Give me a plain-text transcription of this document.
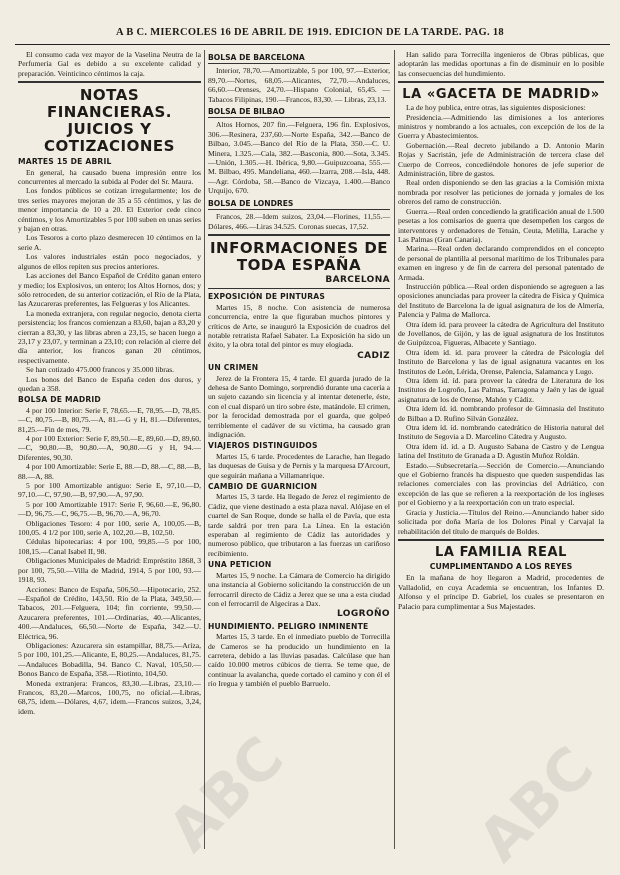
A B C. MIERCOLES 16 DE ABRIL DE 1919. EDICION DE LA TARDE. PAG. 18

El consumo cada vez mayor de la Vaselina Neutra de la Perfumería Gal es debido a su excelente calidad y preparación. Veinticinco céntimos la caja.

NOTAS FINANCIERAS. JUICIOS Y COTIZACIONES
MARTES 15 DE ABRIL

En general, ha causado buena impresión entre los concurrentes al mercado la subida al Poder del Sr. Maura.

Los fondos públicos se cotizan irregularmente; los de tres series mayores mejoran de 35 a 55 céntimos, y las de menor importancia de 10 a 20. El Exterior cede cinco céntimos, y los Amortizables 5 por 100 suben en unas series y bajan en otras.

Los Tesoros a corto plazo desmerecen 10 céntimos en la serie A.

Los valores industriales están poco negociados, y algunos de ellos repiten sus precios anteriores.

Las acciones del Banco Español de Crédito ganan entero y medio; los Explosivos, un entero; los Altos Hornos, dos; y sólo retroceden, de su anterior cotización, el Río de la Plata, las Azucareras preferentes, las Felgueras y los Alicantes.

La moneda extranjera, con regular negocio, denota cierta persistencia; los francos comienzan a 83,60, bajan a 83,20 y cierran a 83,30, y las libras abren a 23,15, se hacen luego a 23,17 y 23,07, y terminan a 23,10; con relación al cierre del día anterior, los francos ganan 20 céntimos, respectivamente.

Se han cotizado 475.000 francos y 35.000 libras.

Los bonos del Banco de España ceden dos duros, y quedan a 358.

BOLSA DE MADRID

4 por 100 Interior: Serie F, 78,65.—E, 78,95.—D, 78,85.—C, 80,75.—B, 80,75.—A, 81.—G y H, 81.—Diferentes, 81,25.—Fin de mes, 79.

4 por 100 Exterior: Serie F, 89,50.—E, 89,60.—D, 89,60.—C, 90,80.—B, 90,80.—A, 90,80.—G y H, 94.—Diferentes, 90,30.

4 por 100 Amortizable: Serie E, 88.—D, 88.—C, 88.—B, 88.—A, 88.

5 por 100 Amortizable antiguo: Serie E, 97,10.—D, 97,10.—C, 97,90.—B, 97,90.—A, 97,90.

5 por 100 Amortizable 1917: Serie F, 96,60.—E, 96,80.—D, 96,75.—C, 96,75.—B, 96,70.—A, 96,70.

Obligaciones Tesoro: 4 por 100, serie A, 100,05.—B, 100,05. 4 1/2 por 100, serie A, 102,20.—B, 102,50.

Cédulas hipotecarias: 4 por 100, 99,85.—5 por 100, 108,15.—Canal Isabel II, 98.

Obligaciones Municipales de Madrid: Empréstito 1868, 3 por 100, 75,50.—Villa de Madrid, 1914, 5 por 100, 93.—1918, 93.

Acciones: Banco de España, 506,50.—Hipotecario, 252.—Español de Crédito, 143,50. Río de la Plata, 349,50.—Tabacos, 201.—Felguera, 104; fin corriente, 99,50.—Azucarera preferentes, 101.—Ordinarias, 40.—Alicantes, 400.—Andaluces, 66,50.—Norte de España, 342.—U. Eléctrica, 96.

Obligaciones: Azucarera sin estampillar, 88,75.—Aríza, 5 por 100, 101,25.—Alicante, E, 80,25.—Andaluces, 81,75.—Andaluces Bobadilla, 94. Banco C. Naval, 105,50.—Bonos Banco de España, 358.—Riotinto, 104,50.

Moneda extranjera: Francos, 83,30.—Libras, 23,10.—Francos, 83,20.—Marcos, 100,75, no oficial.—Libras, 68,75, idem.—Dólares, 4,67, idem.—Francos suizos, 3,24, idem.

BOLSA DE BARCELONA

Interior, 78,70.—Amortizable, 5 por 100, 97.—Exterior, 89,70.—Nortes, 68,05.—Alicantes, 72,70.—Andaluces, 66,60.—Orenses, 24,70.—Hispano Colonial, 65,45. — Tabacos Filipinas, 190.—Francos, 83,30. — Libras, 23,13.

BOLSA DE BILBAO

Altos Hornos, 207 fin.—Felguera, 196 fin. Explosivos, 306.—Resinera, 237,60.—Norte España, 342.—Banco de Bilbao, 3.045.—Banco del Río de la Plata, 350.—C. U. Minera, 1.325.—Cala, 382.—Basconia, 800.—Sota, 3.345.—Unión, 1.305.—H. Ibérica, 9,80.—Guipuzcoana, 555.—M. Bilbao, 495. Mandeliana, 460.—Izarra, 208.—Isla, 448.—Agr. Córdoba, 58.—Banco de Vizcaya, 1.400.—Banco Urquijo, 670.

BOLSA DE LONDRES

Francos, 28.—Idem suizos, 23,04.—Florines, 11,55.—Dólares, 466.—Liras 34.525. Coronas suecas, 17,52.

INFORMACIONES DE TODA ESPAÑA
BARCELONA
EXPOSICIÓN DE PINTURAS

Martes 15, 8 noche. Con asistencia de numerosa concurrencia, entre la que figuraban muchos pintores y críticos de Arte, se inauguró la Exposición de cuadros del notable retratista Rafael Sabater. La Exposición ha sido un éxito, y la obra total del pintor es muy elogiada.

CADIZ
UN CRIMEN

Jerez de la Frontera 15, 4 tarde. El guarda jurado de la dehesa de Santo Domingo, sorprendió durante una cacería a un sujeto cazando sin licencia y al intentar detenerle, éste, con el cual disparó un tiro sobre éste, matándole. El crimen, por la ferocidad demostrada por el guarda, que golpeó terriblemente el cadáver de su víctima, ha causado gran indignación.

VIAJEROS DISTINGUIDOS

Martes 15, 6 tarde. Procedentes de Larache, han llegado las duquesas de Guisa y de Pernis y la marquesa D'Arcourt, que seguirán mañana a Villamanrique.

CAMBIO DE GUARNICION

Martes 15, 3 tarde. Ha llegado de Jerez el regimiento de Cádiz, que viene destinado a esta plaza naval. Alójase en el cuartel de San Roque, donde se halla el de Pavía, que esta tarde saldrá por tren para La Línea. En la estación esperaban al regimiento de Cádiz las autoridades y numeroso público, que tributaron a las fuerzas un cariñoso recibimiento.

UNA PETICION

Martes 15, 9 noche. La Cámara de Comercio ha dirigido una instancia al Gobierno solicitando la construcción de un ferrocarril directo de Cádiz a Jerez que se una a esta ciudad con el ferrocarril de Algeciras a Dax.

LOGROÑO
HUNDIMIENTO. PELIGRO INMINENTE

Martes 15, 3 tarde. En el inmediato pueblo de Torrecilla de Cameros se ha producido un hundimiento en la carretera, debido a las lluvias pasadas. Calcúlase que han caído 10.000 metros cúbicos de tierra. Se teme que, de continuar la avalancha, quede cortado el camino y con él el río Iregua y también el pueblo Barruelo.

Han salido para Torrecilla ingenieros de Obras públicas, que adoptarán las medidas oportunas a fin de disminuir en lo posible las consecuencias del hundimiento.

LA «GACETA DE MADRID»

La de hoy publica, entre otras, las siguientes disposiciones:

Presidencia.—Admitiendo las dimisiones a los anteriores ministros y nombrando a los actuales, con excepción de los de la Guerra y Abastecimientos.

Gobernación.—Real decreto jubilando a D. Antonio Marín Rojas y Sacristán, jefe de Administración de tercera clase del Cuerpo de Correos, concediéndole honores de jefe superior de Administración, libre de gastos.

Real orden disponiendo se den las gracias a la Comisión mixta nombrada por resolver las peticiones de jornada y jornales de los obreros del ramo de construcción.

Guerra.—Real orden concediendo la gratificación anual de 1.500 pesetas a los comisarios de guerra que desempeñen los cargos de interventores y ordenadores de Tetuán, Ceuta, Melilla, Larache y Las Palmas (Gran Canaria).

Marina.—Real orden declarando comprendidos en el concepto de personal de plantilla al personal marítimo de los Tribunales para examen en ingreso y de fin de carrera del personal patentado de Armada.

Instrucción pública.—Real orden disponiendo se agreguen a las oposiciones anunciadas para proveer la cátedra de Física y Química del Instituto de Barcelona la de igual asignatura de los de Almería, Palencia y Palma de Mallorca.

Otra ídem íd. para proveer la cátedra de Agricultura del Instituto de Jovellanos, de Gijón, y las de igual asignatura de los Institutos de Guipúzcoa, Figueras, Albacete y Santiago.

Otra ídem íd. íd. para proveer la cátedra de Psicología del Instituto de Barcelona y las de igual asignatura vacantes en los Institutos de León, Lérida, Orense, Palencia, Salamanca y Lugo.

Otra ídem íd. íd. para proveer la cátedra de Literatura de los Institutos de Logroño, Las Palmas, Tarragona y Jaén y las de igual asignatura de los de Orense, Mahón y Cádiz.

Otra ídem íd. íd. nombrando profesor de Gimnasia del Instituto de Bilbao a D. Rufino Silván González.

Otra ídem íd. íd. nombrando catedrático de Historia natural del Instituto de Segovia a D. Marcelino Cátedra y Augusto.

Otra ídem íd. íd. a D. Augusto Sabana de Castro y de Lengua latina del Instituto de Granada a D. Agustín Muñoz Roldán.

Estado.—Subsecretaría.—Sección de Comercio.—Anunciando que el Gobierno francés ha dispuesto que queden suspendidas las relaciones comerciales con las provincias del Adriático, con excepción de las que se refieren a la reexportación de los ingleses por el Gobierno y a la reexportación con un trato especial.

Gracia y Justicia.—Títulos del Reino.—Anunciando haber sido solicitada por doña María de los Dolores Pinal y Carvajal la rehabilitación del título de marqués de Boldes.

LA FAMILIA REAL
CUMPLIMENTANDO A LOS REYES

En la mañana de hoy llegaron a Madrid, procedentes de Valladolid, en cuya Academia se encuentran, los Infantes D. Alfonso y el príncipe D. Gabriel, los cuales se presentaron en Palacio para cumplimentar a Sus Majestades.

ABC	ABC
